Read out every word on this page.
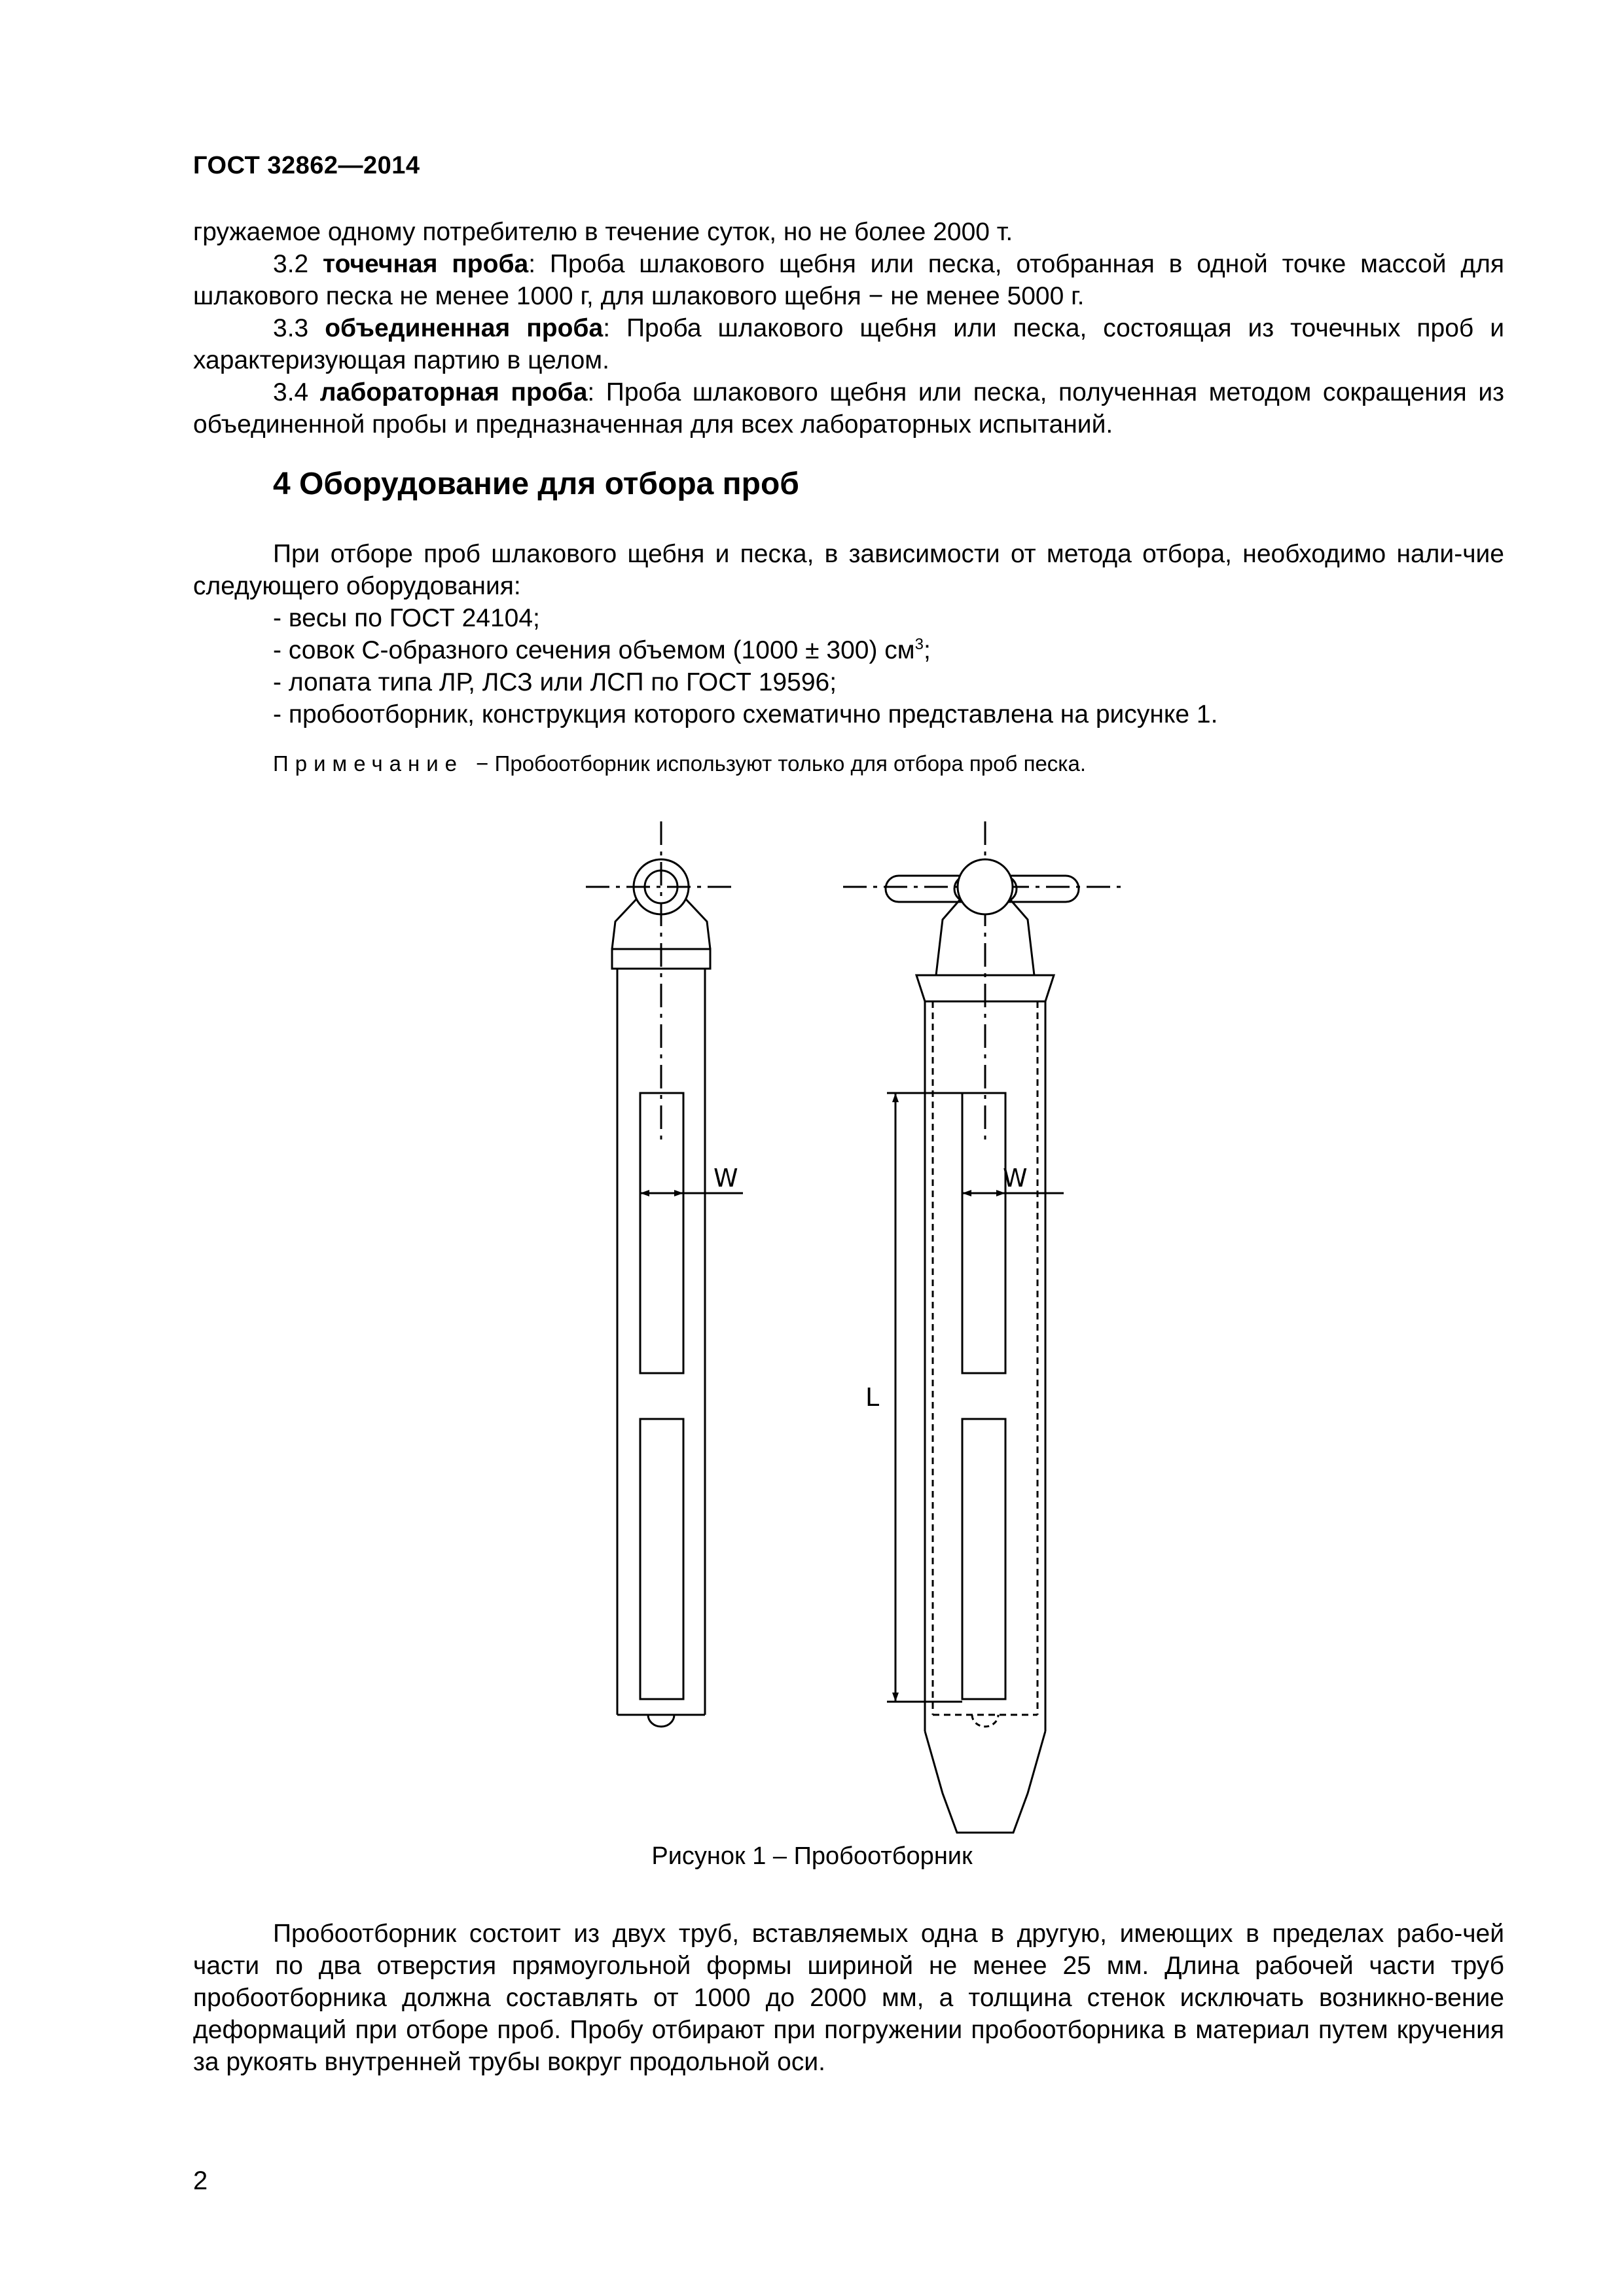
ГОСТ 32862—2014

гружаемое одному потребителю в течение суток, но не более 2000 т.

3.2 точечная проба: Проба шлакового щебня или песка, отобранная в одной точке массой для шлакового песка не менее 1000 г, для шлакового щебня − не менее 5000 г.

3.3 объединенная проба: Проба шлакового щебня или песка, состоящая из точечных проб и характеризующая партию в целом.

3.4 лабораторная проба: Проба шлакового щебня или песка, полученная методом сокращения из объединенной пробы и предназначенная для всех лабораторных испытаний.

4 Оборудование для отбора проб

При отборе проб шлакового щебня и песка, в зависимости от метода отбора, необходимо нали-чие следующего оборудования:

- весы по ГОСТ 24104;

- совок С-образного сечения объемом (1000 ± 300) $см^3$;

- лопата типа ЛР, ЛСЗ или ЛСП по ГОСТ 19596;

- пробоотборник, конструкция которого схематично представлена на рисунке 1.

Примечание − Пробоотборник используют только для отбора проб песка.
W	W
L
Рисунок 1 – Пробоотборник

Пробоотборник состоит из двух труб, вставляемых одна в другую, имеющих в пределах рабо-чей части по два отверстия прямоугольной формы шириной не менее 25 мм. Длина рабочей части труб пробоотборника должна составлять от 1000 до 2000 мм, а толщина стенок исключать возникно-вение деформаций при отборе проб. Пробу отбирают при погружении пробоотборника в материал путем кручения за рукоять внутренней трубы вокруг продольной оси.

2
